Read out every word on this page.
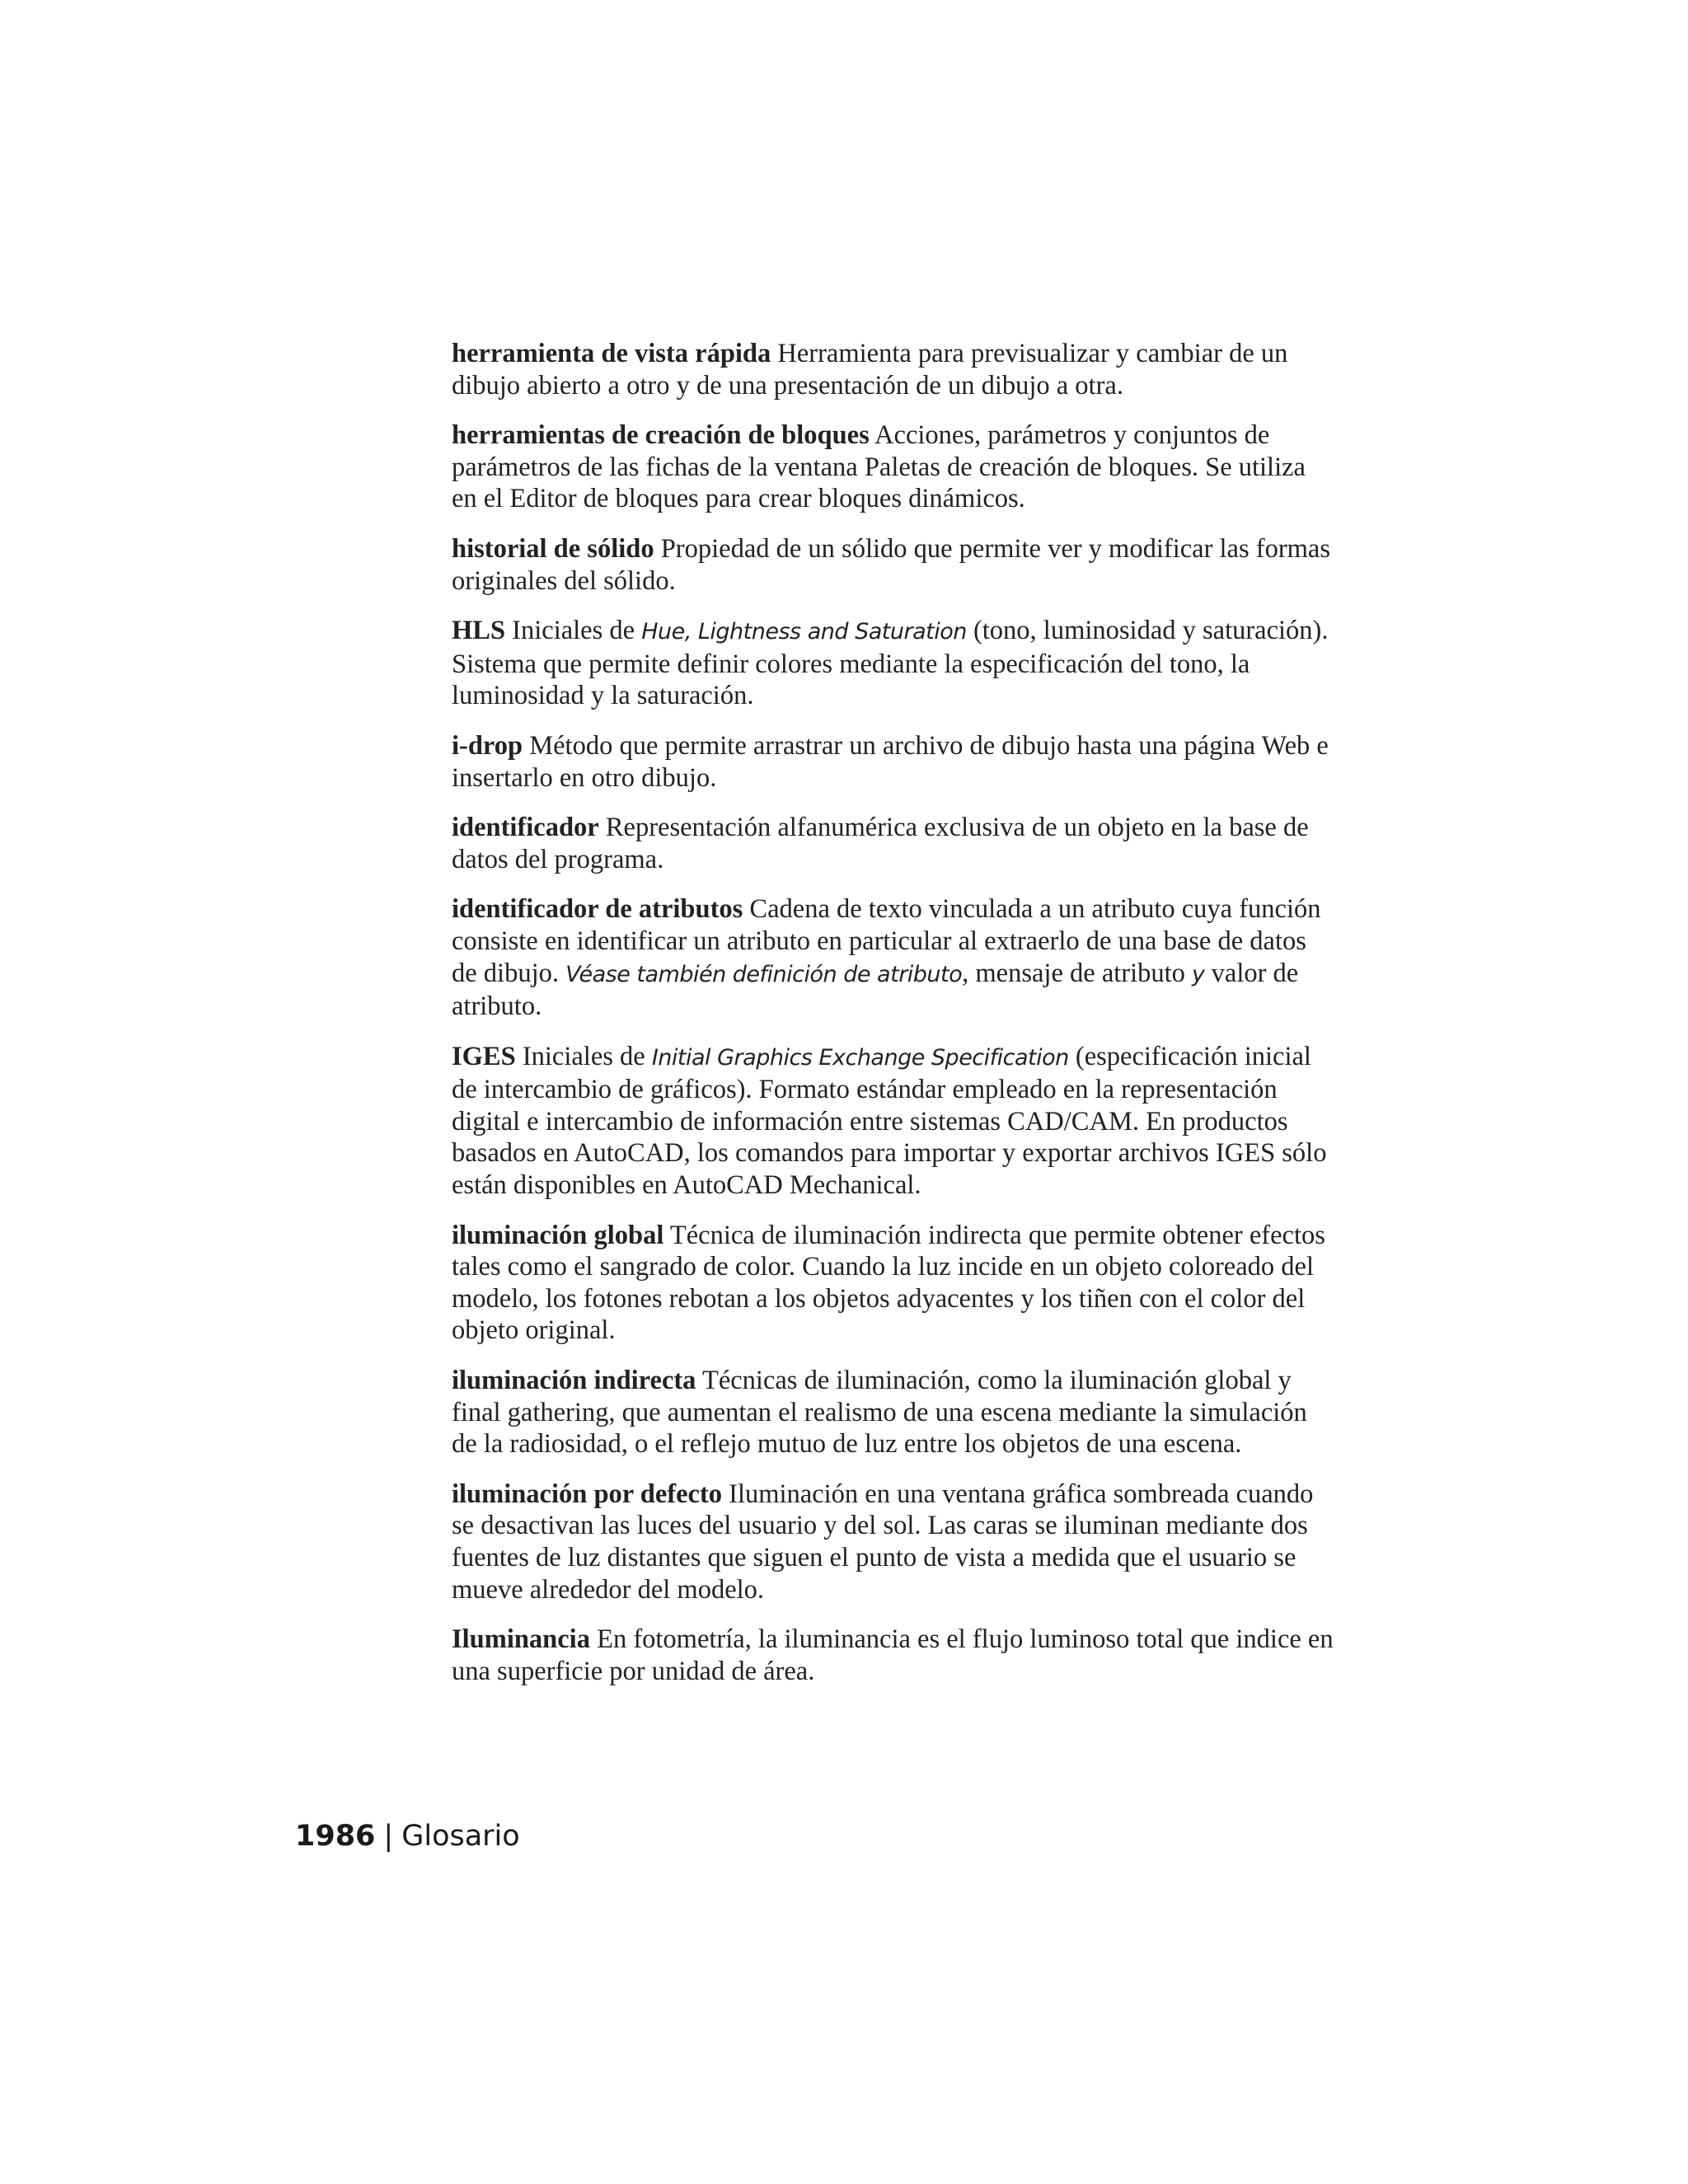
herramienta de vista rápida Herramienta para previsualizar y cambiar de un dibujo abierto a otro y de una presentación de un dibujo a otra.

herramientas de creación de bloques Acciones, parámetros y conjuntos de parámetros de las fichas de la ventana Paletas de creación de bloques. Se utiliza en el Editor de bloques para crear bloques dinámicos.

historial de sólido Propiedad de un sólido que permite ver y modificar las formas originales del sólido.

HLS Iniciales de Hue, Lightness and Saturation (tono, luminosidad y saturación). Sistema que permite definir colores mediante la especificación del tono, la luminosidad y la saturación.

i-drop Método que permite arrastrar un archivo de dibujo hasta una página Web e insertarlo en otro dibujo.

identificador Representación alfanumérica exclusiva de un objeto en la base de datos del programa.

identificador de atributos Cadena de texto vinculada a un atributo cuya función consiste en identificar un atributo en particular al extraerlo de una base de datos de dibujo. Véase también definición de atributo, mensaje de atributo y valor de atributo.

IGES Iniciales de Initial Graphics Exchange Specification (especificación inicial de intercambio de gráficos). Formato estándar empleado en la representación digital e intercambio de información entre sistemas CAD/CAM. En productos basados en AutoCAD, los comandos para importar y exportar archivos IGES sólo están disponibles en AutoCAD Mechanical.

iluminación global Técnica de iluminación indirecta que permite obtener efectos tales como el sangrado de color. Cuando la luz incide en un objeto coloreado del modelo, los fotones rebotan a los objetos adyacentes y los tiñen con el color del objeto original.

iluminación indirecta Técnicas de iluminación, como la iluminación global y final gathering, que aumentan el realismo de una escena mediante la simulación de la radiosidad, o el reflejo mutuo de luz entre los objetos de una escena.

iluminación por defecto Iluminación en una ventana gráfica sombreada cuando se desactivan las luces del usuario y del sol. Las caras se iluminan mediante dos fuentes de luz distantes que siguen el punto de vista a medida que el usuario se mueve alrededor del modelo.

Iluminancia En fotometría, la iluminancia es el flujo luminoso total que indice en una superficie por unidad de área.

1986 | Glosario
